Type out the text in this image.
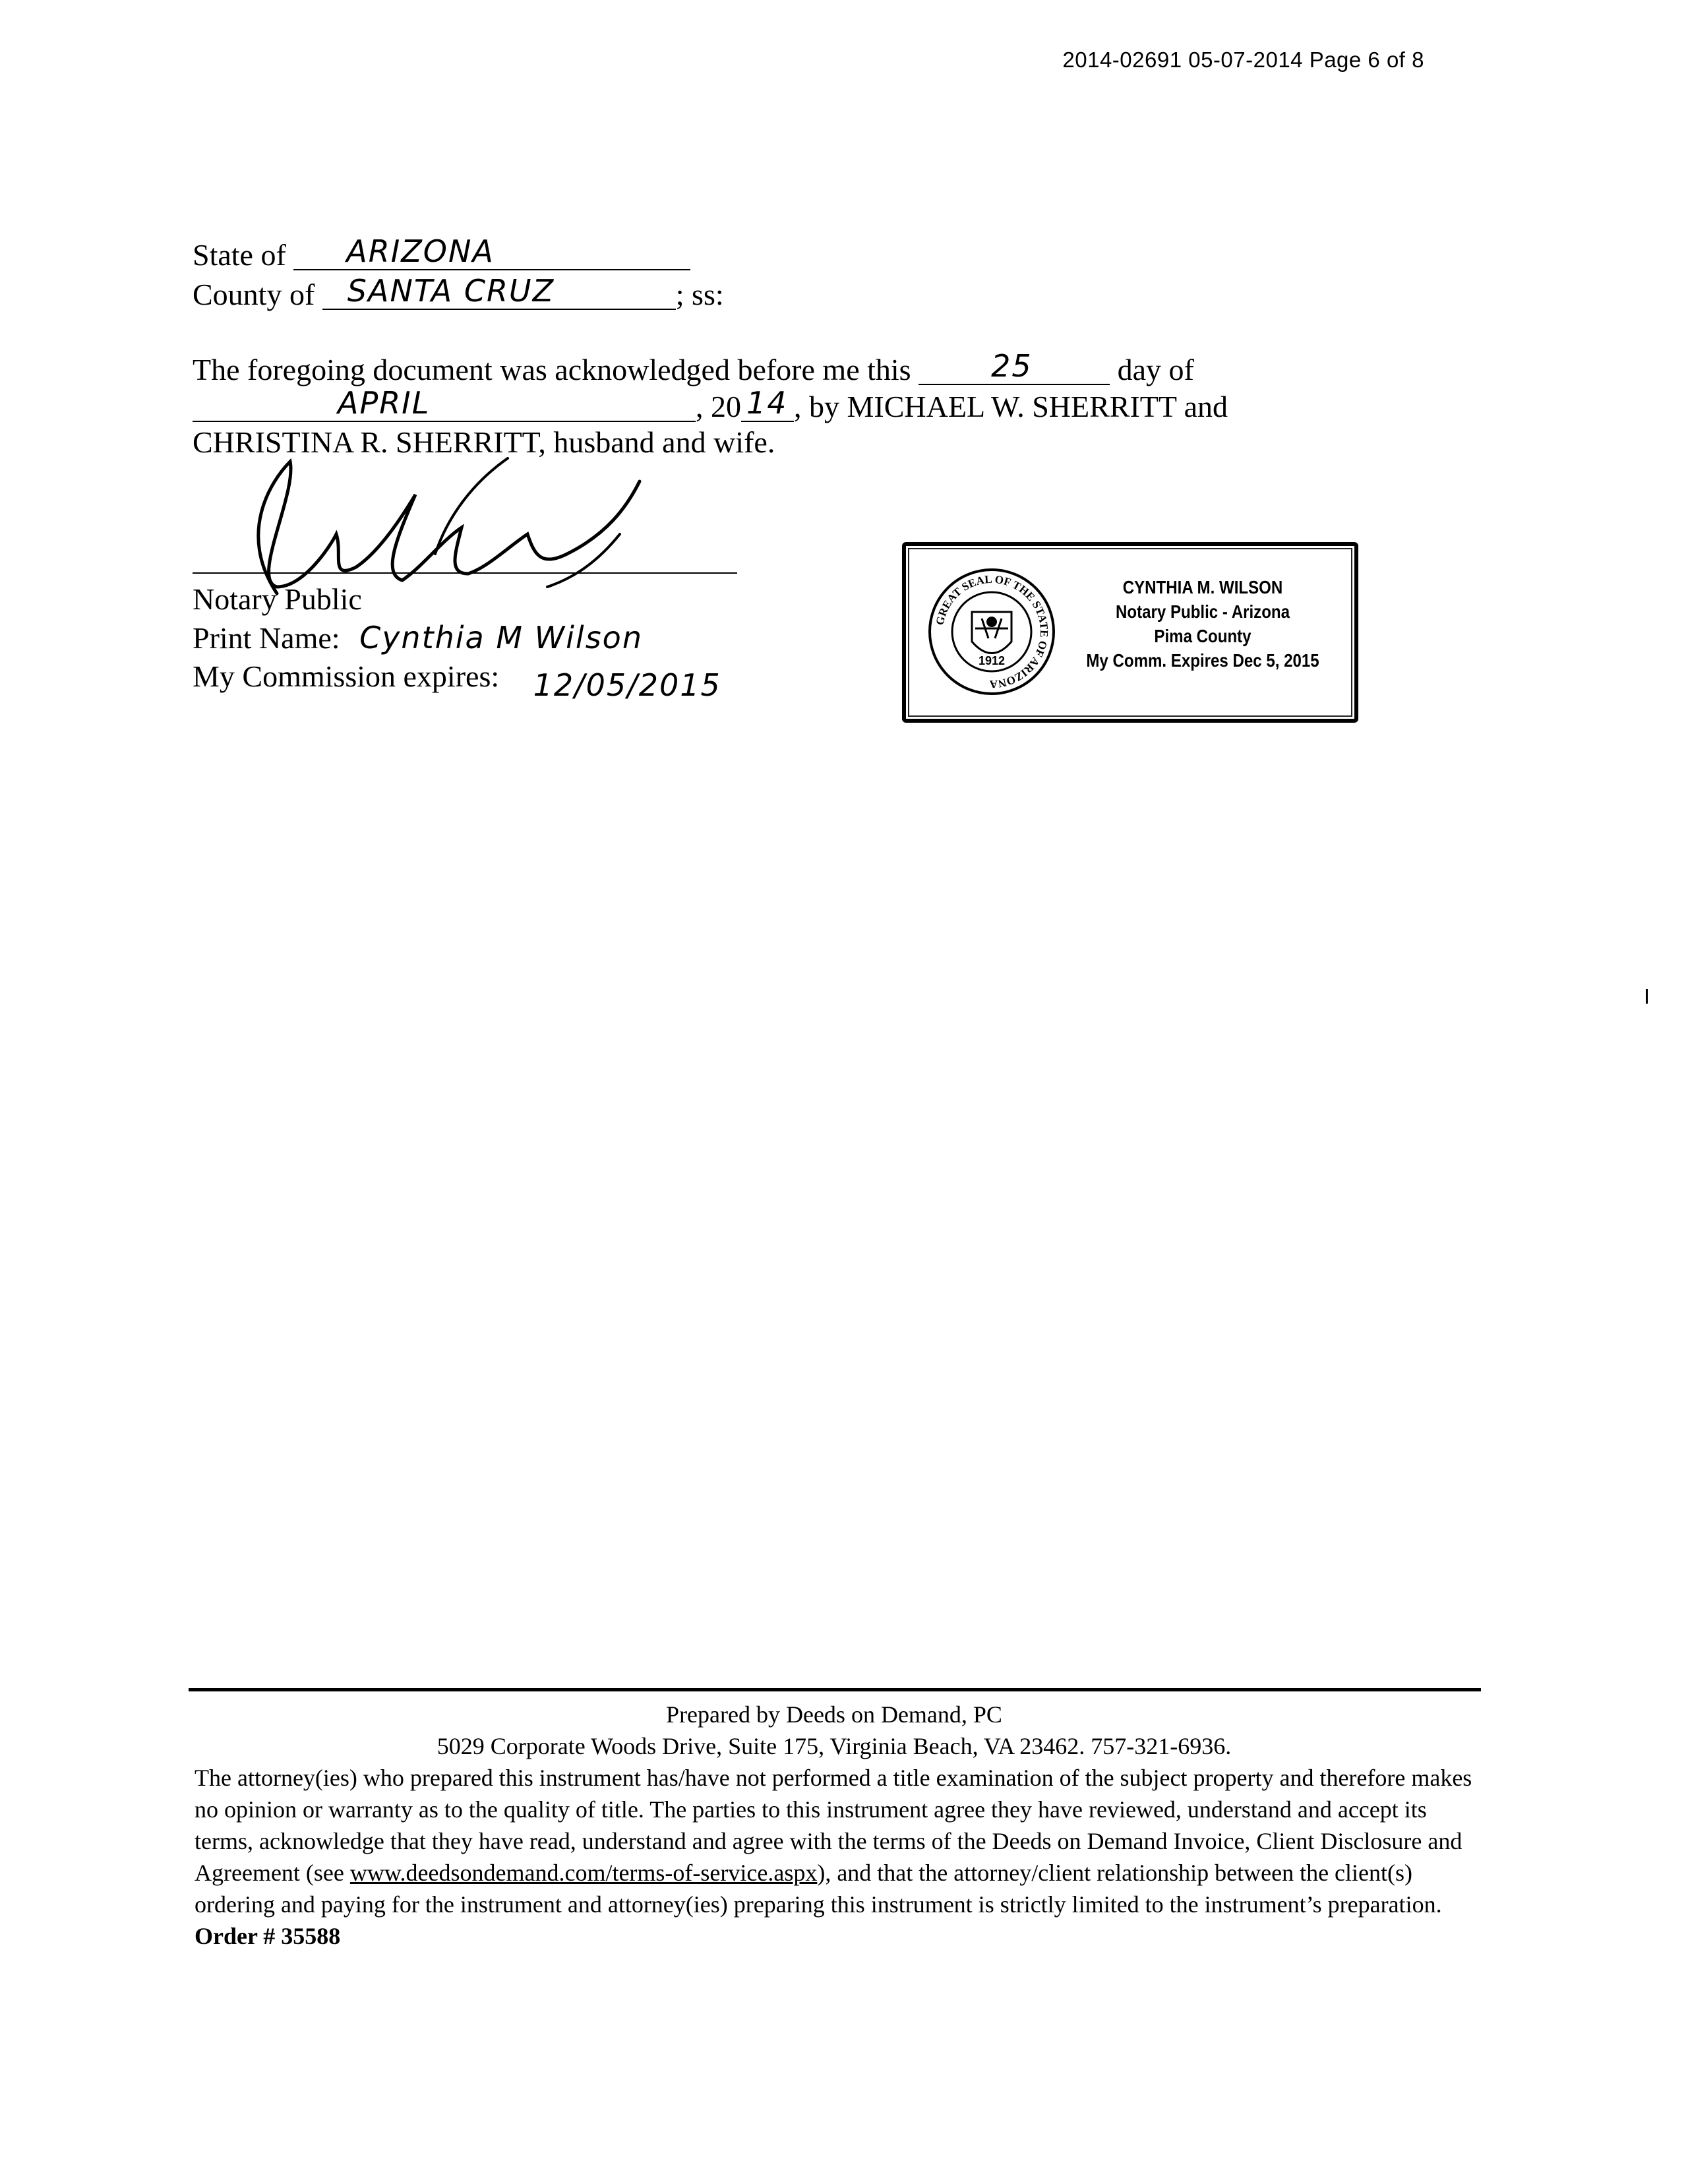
2014-02691 05-07-2014 Page 6 of 8
State of ARIZONA
County of SANTA CRUZ	; ss:
The foregoing document was acknowledged before me this	25	day of
APRIL	, 20 14 , by MICHAEL W. SHERRITT and
CHRISTINA R. SHERRITT, husband and wife.
Notary Public
Print Name: Cynthia M Wilson
My Commission expires: 12/05/2015
GREAT SEAL OF THE STATE OF ARIZONA
1912
CYNTHIA M. WILSON
Notary Public - Arizona
Pima County
My Comm. Expires Dec 5, 2015
Prepared by Deeds on Demand, PC
5029 Corporate Woods Drive, Suite 175, Virginia Beach, VA 23462. 757-321-6936.
The attorney(ies) who prepared this instrument has/have not performed a title examination of the subject property and therefore makes no opinion or warranty as to the quality of title. The parties to this instrument agree they have reviewed, understand and accept its terms, acknowledge that they have read, understand and agree with the terms of the Deeds on Demand Invoice, Client Disclosure and Agreement (see www.deedsondemand.com/terms-of-service.aspx), and that the attorney/client relationship between the client(s) ordering and paying for the instrument and attorney(ies) preparing this instrument is strictly limited to the instrument’s preparation. Order # 35588
